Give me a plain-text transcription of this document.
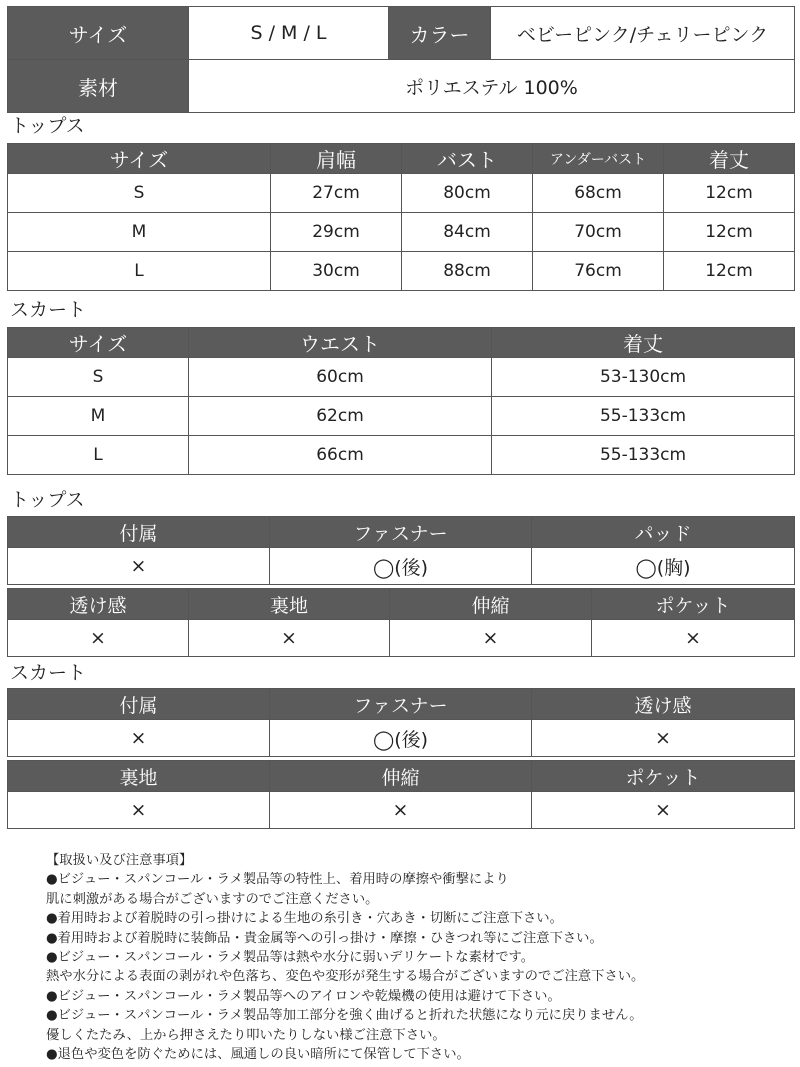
サイズ	S / M / L	カラー	ベビーピンク/チェリーピンク
素材	ポリエステル 100%		
トップス
サイズ	肩幅	バスト	アンダーバスト	着丈
S	27cm	80cm	68cm	12cm
M	29cm	84cm	70cm	12cm
L	30cm	88cm	76cm	12cm
スカート
サイズ	ウエスト	着丈
S	60cm	53-130cm
M	62cm	55-133cm
L	66cm	55-133cm
トップス
付属	ファスナー	パッド
×	◯(後)	◯(胸)
透け感	裏地	伸縮	ポケット
×	×	×	×
スカート
付属	ファスナー	透け感
×	◯(後)	×
裏地	伸縮	ポケット
×	×	×
【取扱い及び注意事項】
●ビジュー・スパンコール・ラメ製品等の特性上、着用時の摩擦や衝撃により
肌に刺激がある場合がございますのでご注意ください。
●着用時および着脱時の引っ掛けによる生地の糸引き・穴あき・切断にご注意下さい。
●着用時および着脱時に装飾品・貴金属等への引っ掛け・摩擦・ひきつれ等にご注意下さい。
●ビジュー・スパンコール・ラメ製品等は熱や水分に弱いデリケートな素材です。
熱や水分による表面の剥がれや色落ち、変色や変形が発生する場合がございますのでご注意下さい。
●ビジュー・スパンコール・ラメ製品等へのアイロンや乾燥機の使用は避けて下さい。
●ビジュー・スパンコール・ラメ製品等加工部分を強く曲げると折れた状態になり元に戻りません。
優しくたたみ、上から押さえたり叩いたりしない様ご注意下さい。
●退色や変色を防ぐためには、風通しの良い暗所にて保管して下さい。
